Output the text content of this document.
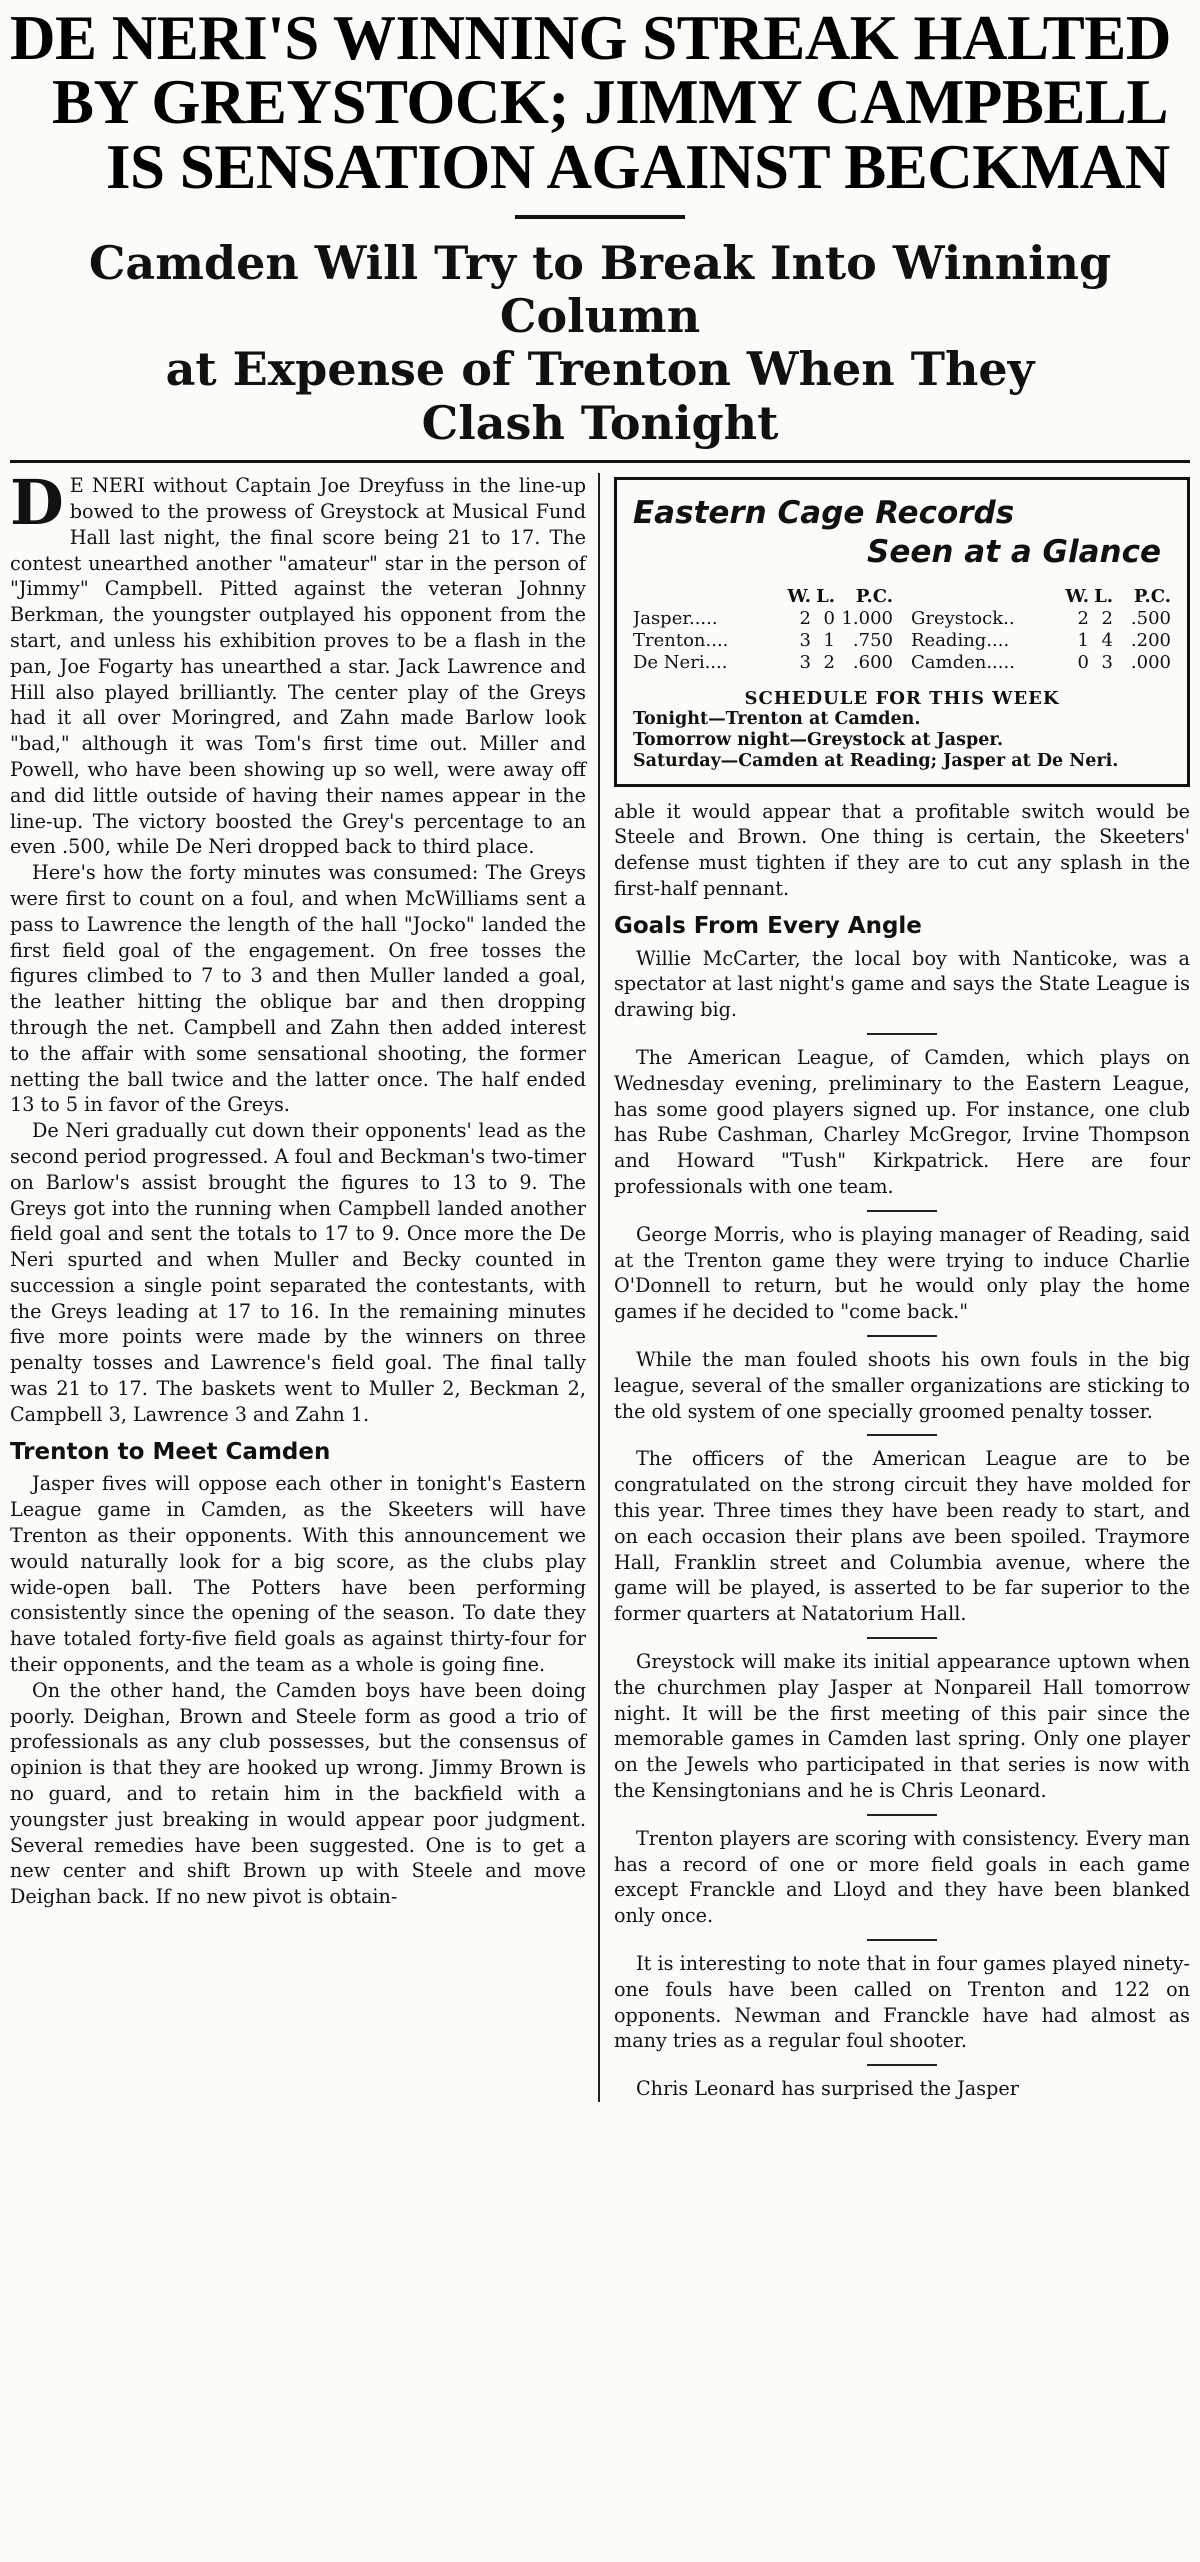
DE NERI'S WINNING STREAK HALTED
BY GREYSTOCK; JIMMY CAMPBELL
IS SENSATION AGAINST BECKMAN
Camden Will Try to Break Into Winning Column
at Expense of Trenton When They
Clash Tonight

D E NERI without Captain Joe Dreyfuss in the line-up bowed to the prowess of Greystock at Musical Fund Hall last night, the final score being 21 to 17. The contest unearthed another "amateur" star in the person of "Jimmy" Campbell. Pitted against the veteran Johnny Berkman, the youngster outplayed his opponent from the start, and unless his exhibition proves to be a flash in the pan, Joe Fogarty has unearthed a star. Jack Lawrence and Hill also played brilliantly. The center play of the Greys had it all over Moringred, and Zahn made Barlow look "bad," although it was Tom's first time out. Miller and Powell, who have been showing up so well, were away off and did little outside of having their names appear in the line-up. The victory boosted the Grey's percentage to an even .500, while De Neri dropped back to third place.

Here's how the forty minutes was consumed: The Greys were first to count on a foul, and when McWilliams sent a pass to Lawrence the length of the hall "Jocko" landed the first field goal of the engagement. On free tosses the figures climbed to 7 to 3 and then Muller landed a goal, the leather hitting the oblique bar and then dropping through the net. Campbell and Zahn then added interest to the affair with some sensational shooting, the former netting the ball twice and the latter once. The half ended 13 to 5 in favor of the Greys.

De Neri gradually cut down their opponents' lead as the second period progressed. A foul and Beckman's two-timer on Barlow's assist brought the figures to 13 to 9. The Greys got into the running when Campbell landed another field goal and sent the totals to 17 to 9. Once more the De Neri spurted and when Muller and Becky counted in succession a single point separated the contestants, with the Greys leading at 17 to 16. In the remaining minutes five more points were made by the winners on three penalty tosses and Lawrence's field goal. The final tally was 21 to 17. The baskets went to Muller 2, Beckman 2, Campbell 3, Lawrence 3 and Zahn 1.

Trenton to Meet Camden

Jasper fives will oppose each other in tonight's Eastern League game in Camden, as the Skeeters will have Trenton as their opponents. With this announcement we would naturally look for a big score, as the clubs play wide-open ball. The Potters have been performing consistently since the opening of the season. To date they have totaled forty-five field goals as against thirty-four for their opponents, and the team as a whole is going fine.

On the other hand, the Camden boys have been doing poorly. Deighan, Brown and Steele form as good a trio of professionals as any club possesses, but the consensus of opinion is that they are hooked up wrong. Jimmy Brown is no guard, and to retain him in the backfield with a youngster just breaking in would appear poor judgment. Several remedies have been suggested. One is to get a new center and shift Brown up with Steele and move Deighan back. If no new pivot is obtain-

Eastern Cage Records
Seen at a Glance
W. L.	P.C.
Jasper.....	2 0 1.000
Trenton....	3 1 .750
De Neri....	3 2 .600
W. L.	P.C.
Greystock..	2 2 .500
Reading....	1 4 .200
Camden.....	0 3 .000
SCHEDULE FOR THIS WEEK
Tonight—Trenton at Camden.
Tomorrow night—Greystock at Jasper.
Saturday—Camden at Reading; Jasper at De Neri.

able it would appear that a profitable switch would be Steele and Brown. One thing is certain, the Skeeters' defense must tighten if they are to cut any splash in the first-half pennant.

Goals From Every Angle

Willie McCarter, the local boy with Nanticoke, was a spectator at last night's game and says the State League is drawing big.

The American League, of Camden, which plays on Wednesday evening, preliminary to the Eastern League, has some good players signed up. For instance, one club has Rube Cashman, Charley McGregor, Irvine Thompson and Howard "Tush" Kirkpatrick. Here are four professionals with one team.

George Morris, who is playing manager of Reading, said at the Trenton game they were trying to induce Charlie O'Donnell to return, but he would only play the home games if he decided to "come back."

While the man fouled shoots his own fouls in the big league, several of the smaller organizations are sticking to the old system of one specially groomed penalty tosser.

The officers of the American League are to be congratulated on the strong circuit they have molded for this year. Three times they have been ready to start, and on each occasion their plans ave been spoiled. Traymore Hall, Franklin street and Columbia avenue, where the game will be played, is asserted to be far superior to the former quarters at Natatorium Hall.

Greystock will make its initial appearance uptown when the churchmen play Jasper at Nonpareil Hall tomorrow night. It will be the first meeting of this pair since the memorable games in Camden last spring. Only one player on the Jewels who participated in that series is now with the Kensingtonians and he is Chris Leonard.

Trenton players are scoring with consistency. Every man has a record of one or more field goals in each game except Franckle and Lloyd and they have been blanked only once.

It is interesting to note that in four games played ninety-one fouls have been called on Trenton and 122 on opponents. Newman and Franckle have had almost as many tries as a regular foul shooter.

Chris Leonard has surprised the Jasper
